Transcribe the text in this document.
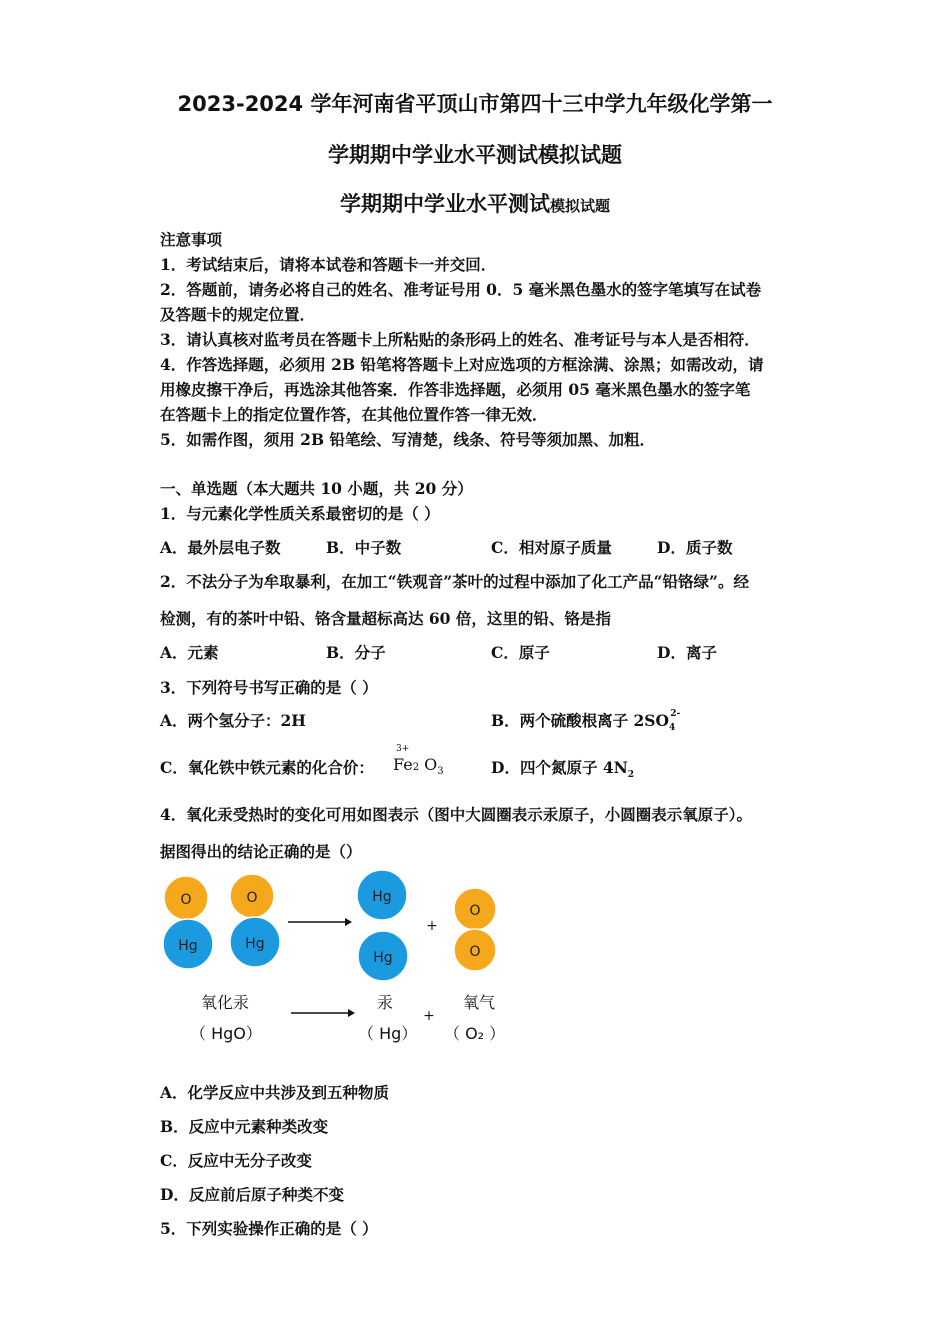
2023-2024 学年河南省平顶山市第四十三中学九年级化学第一
学期期中学业水平测试模拟试题
学期期中学业水平测试模拟试题
注意事项
1．考试结束后，请将本试卷和答题卡一并交回．
2．答题前，请务必将自己的姓名、准考证号用 0．5 毫米黑色墨水的签字笔填写在试卷
及答题卡的规定位置．
3．请认真核对监考员在答题卡上所粘贴的条形码上的姓名、准考证号与本人是否相符．
4．作答选择题，必须用 2B 铅笔将答题卡上对应选项的方框涂满、涂黑；如需改动，请
用橡皮擦干净后，再选涂其他答案．作答非选择题，必须用 05 毫米黑色墨水的签字笔
在答题卡上的指定位置作答，在其他位置作答一律无效．
5．如需作图，须用 2B 铅笔绘、写清楚，线条、符号等须加黑、加粗．
一、单选题（本大题共 10 小题，共 20 分）
1．与元素化学性质关系最密切的是（ ）
A．最外层电子数	B．中子数	C．相对原子质量	D．质子数
2．不法分子为牟取暴利，在加工“铁观音”茶叶的过程中添加了化工产品“铅铬绿”。经
检测，有的茶叶中铅、铬含量超标高达 60 倍，这里的铅、铬是指
A．元素	B．分子	C．原子	D．离子
3．下列符号书写正确的是（ ）
A．两个氢分子：2H	B．两个硫酸根离子 $2SO_4^{2-}$
C．氧化铁中铁元素的化合价：
3+
Fe2 $O_3$	D．四个氮原子 $4N_2$
4．氧化汞受热时的变化可用如图表示（图中大圆圈表示汞原子，小圆圈表示氧原子）。
据图得出的结论正确的是（）
O
Hg
O
Hg
Hg
Hg
+
O
O
+
氧化汞
（ HgO）
汞
（ Hg）
氧气
（ O₂ ）
A．化学反应中共涉及到五种物质
B．反应中元素种类改变
C．反应中无分子改变
D．反应前后原子种类不变
5．下列实验操作正确的是（ ）
